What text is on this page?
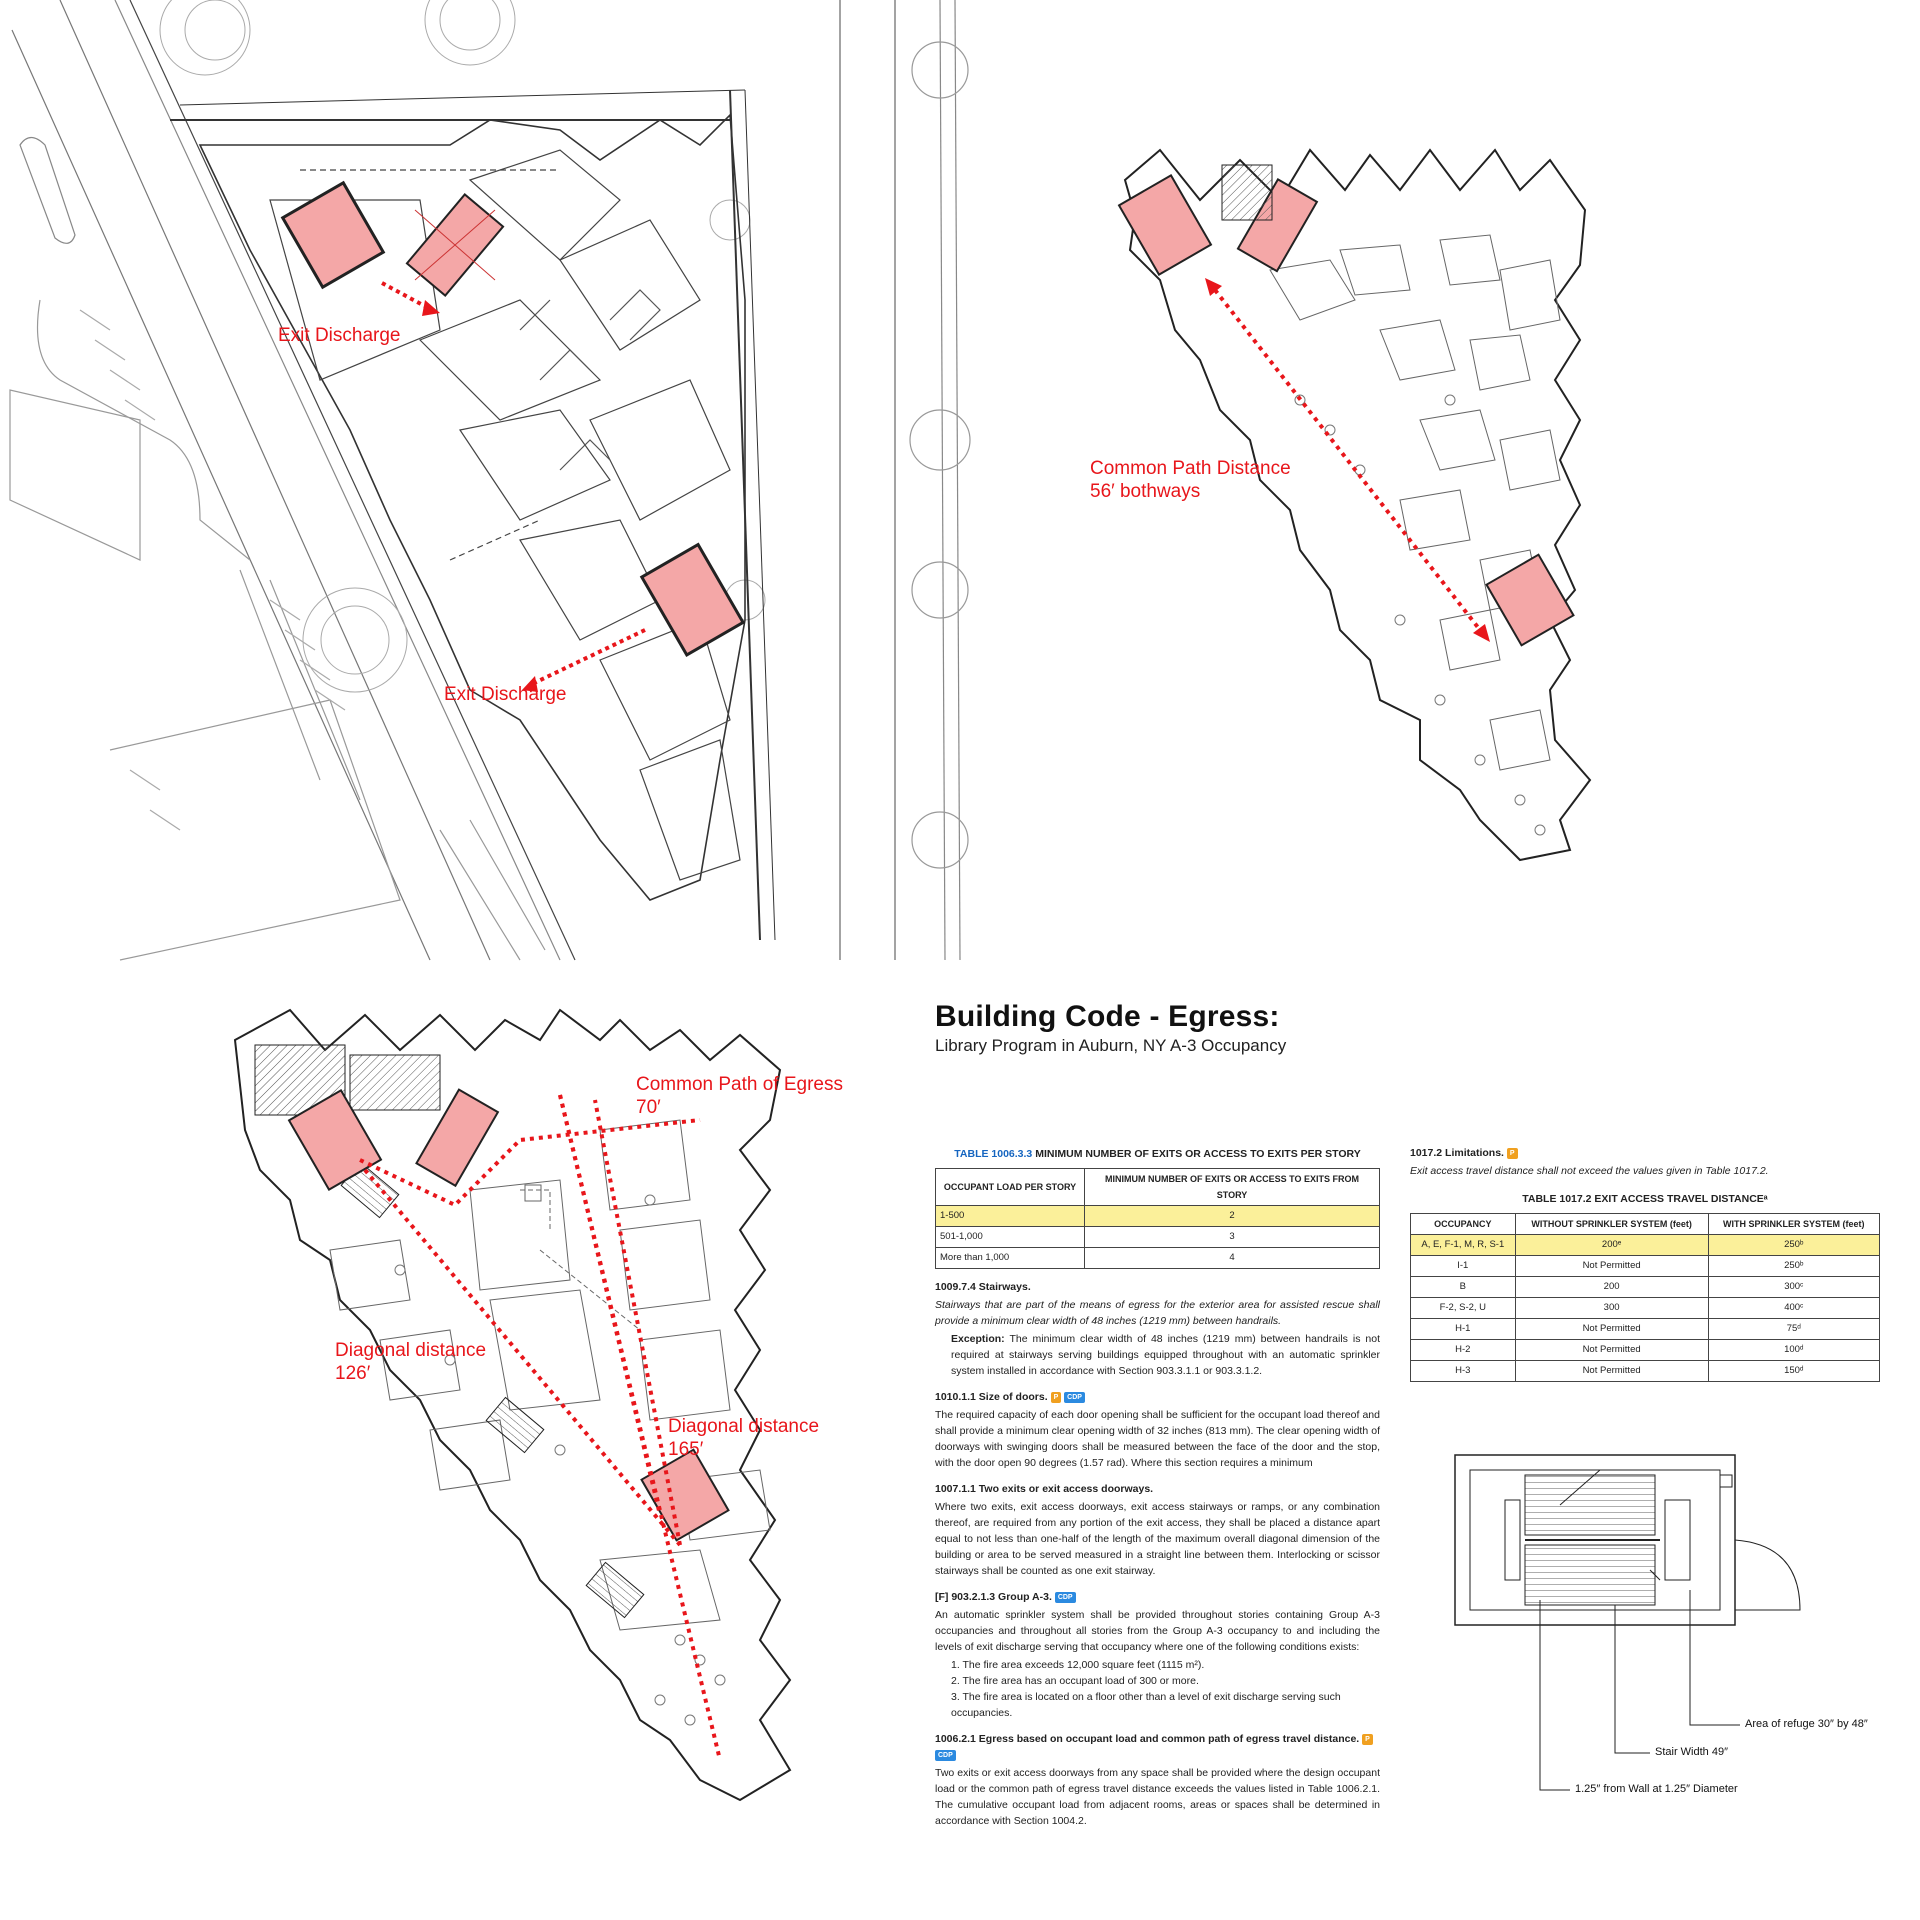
Exit Discharge
Exit Discharge
Common Path Distance
56′ bothways
Common Path of Egress
70′
Diagonal distance
126′
Diagonal distance
165′
Building Code - Egress:
Library Program in Auburn, NY A-3 Occupancy
TABLE 1006.3.3 MINIMUM NUMBER OF EXITS OR ACCESS TO EXITS PER STORY
OCCUPANT LOAD PER STORY	MINIMUM NUMBER OF EXITS OR ACCESS TO EXITS FROM STORY
1-500	2
501-1,000	3
More than 1,000	4
1009.7.4 Stairways.

Stairways that are part of the means of egress for the exterior area for assisted rescue shall provide a minimum clear width of 48 inches (1219 mm) between handrails.

Exception: The minimum clear width of 48 inches (1219 mm) between handrails is not required at stairways serving buildings equipped throughout with an automatic sprinkler system installed in accordance with Section 903.3.1.1 or 903.3.1.2.

1010.1.1 Size of doors. P CDP

The required capacity of each door opening shall be sufficient for the occupant load thereof and shall provide a minimum clear opening width of 32 inches (813 mm). The clear opening width of doorways with swinging doors shall be measured between the face of the door and the stop, with the door open 90 degrees (1.57 rad). Where this section requires a minimum

1007.1.1 Two exits or exit access doorways.

Where two exits, exit access doorways, exit access stairways or ramps, or any combination thereof, are required from any portion of the exit access, they shall be placed a distance apart equal to not less than one-half of the length of the maximum overall diagonal dimension of the building or area to be served measured in a straight line between them. Interlocking or scissor stairways shall be counted as one exit stairway.

[F] 903.2.1.3 Group A-3. CDP

An automatic sprinkler system shall be provided throughout stories containing Group A-3 occupancies and throughout all stories from the Group A-3 occupancy to and including the levels of exit discharge serving that occupancy where one of the following conditions exists:

1. The fire area exceeds 12,000 square feet (1115 m²).
2. The fire area has an occupant load of 300 or more.
3. The fire area is located on a floor other than a level of exit discharge serving such occupancies.
1006.2.1 Egress based on occupant load and common path of egress travel distance. P CDP

Two exits or exit access doorways from any space shall be provided where the design occupant load or the common path of egress travel distance exceeds the values listed in Table 1006.2.1. The cumulative occupant load from adjacent rooms, areas or spaces shall be determined in accordance with Section 1004.2.

1017.2 Limitations. P

Exit access travel distance shall not exceed the values given in Table 1017.2.

TABLE 1017.2 EXIT ACCESS TRAVEL DISTANCEᵃ
OCCUPANCY	WITHOUT SPRINKLER SYSTEM (feet)	WITH SPRINKLER SYSTEM (feet)
A, E, F-1, M, R, S-1	200ᵉ	250ᵇ
I-1	Not Permitted	250ᵇ
B	200	300ᶜ
F-2, S-2, U	300	400ᶜ
H-1	Not Permitted	75ᵈ
H-2	Not Permitted	100ᵈ
H-3	Not Permitted	150ᵈ
Area of refuge 30″ by 48″
Stair Width 49″
1.25″ from Wall at 1.25″ Diameter
